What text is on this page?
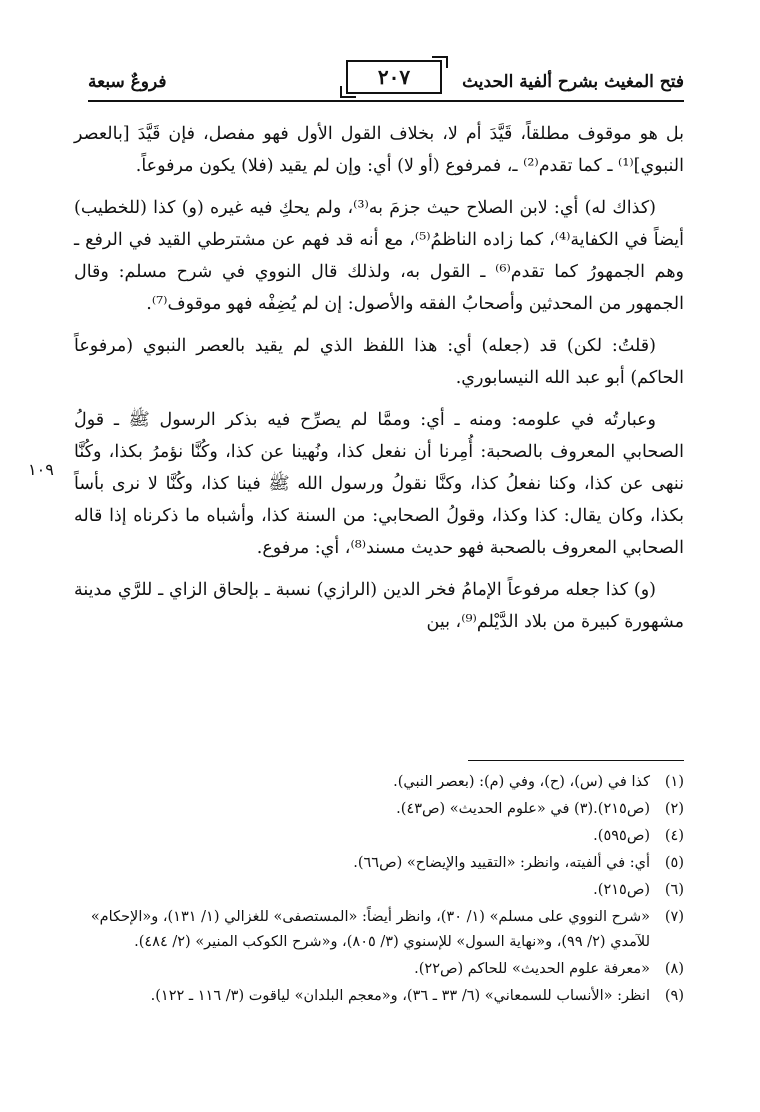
فتح المغيث بشرح ألفية الحديث
٢٠٧
فروعٌ سبعة
١٠٩

بل هو موقوف مطلقاً، قَيَّدَ أم لا، بخلاف القول الأول فهو مفصل، فإن قَيَّدَ [بالعصر النبوي]⁽¹⁾ ـ كما تقدم⁽²⁾ ـ، فمرفوع (أو لا) أي: وإن لم يقيد (فلا) يكون مرفوعاً.

(كذاك له) أي: لابن الصلاح حيث جزمَ به⁽³⁾، ولم يحكِ فيه غيره (و) كذا (للخطيب) أيضاً في الكفاية⁽⁴⁾، كما زاده الناظمُ⁽⁵⁾، مع أنه قد فهم عن مشترطي القيد في الرفع ـ وهم الجمهورُ كما تقدم⁽⁶⁾ ـ القول به، ولذلك قال النووي في شرح مسلم: وقال الجمهور من المحدثين وأصحابُ الفقه والأصول: إن لم يُضِفْه فهو موقوف⁽⁷⁾.

(قلتُ: لكن) قد (جعله) أي: هذا اللفظ الذي لم يقيد بالعصر النبوي (مرفوعاً الحاكم) أبو عبد الله النيسابوري.

وعبارتُه في علومه: ومنه ـ أي: وممَّا لم يصرِّح فيه بذكر الرسول ﷺ ـ قولُ الصحابي المعروف بالصحبة: أُمِرنا أن نفعل كذا، ونُهينا عن كذا، وكُنَّا نؤمرُ بكذا، وكُنَّا ننهى عن كذا، وكنا نفعلُ كذا، وكنَّا نقولُ ورسول الله ﷺ فينا كذا، وكُنَّا لا نرى بأساً بكذا، وكان يقال: كذا وكذا، وقولُ الصحابي: من السنة كذا، وأشباه ما ذكرناه إذا قاله الصحابي المعروف بالصحبة فهو حديث مسند⁽⁸⁾، أي: مرفوع.

(و) كذا جعله مرفوعاً الإمامُ فخر الدين (الرازي) نسبة ـ بإلحاق الزاي ـ للرَّي مدينة مشهورة كبيرة من بلاد الدَّيْلم⁽⁹⁾، بين

(١)
كذا في (س)، (ح)، وفي (م): (بعصر النبي).
(٢)
(ص٢١٥).
(٣) في «علوم الحديث» (ص٤٣).
(٤)
(ص٥٩٥).
(٥)
أي: في ألفيته، وانظر: «التقييد والإيضاح» (ص٦٦).
(٦)
(ص٢١٥).
(٧)
«شرح النووي على مسلم» (١/ ٣٠)، وانظر أيضاً: «المستصفى» للغزالي (١/ ١٣١)، و«الإحكام» للآمدي (٢/ ٩٩)، و«نهاية السول» للإسنوي (٣/ ٨٠٥)، و«شرح الكوكب المنير» (٢/ ٤٨٤).
(٨)
«معرفة علوم الحديث» للحاكم (ص٢٢).
(٩)
انظر: «الأنساب للسمعاني» (٦/ ٣٣ ـ ٣٦)، و«معجم البلدان» لياقوت (٣/ ١١٦ ـ ١٢٢).
